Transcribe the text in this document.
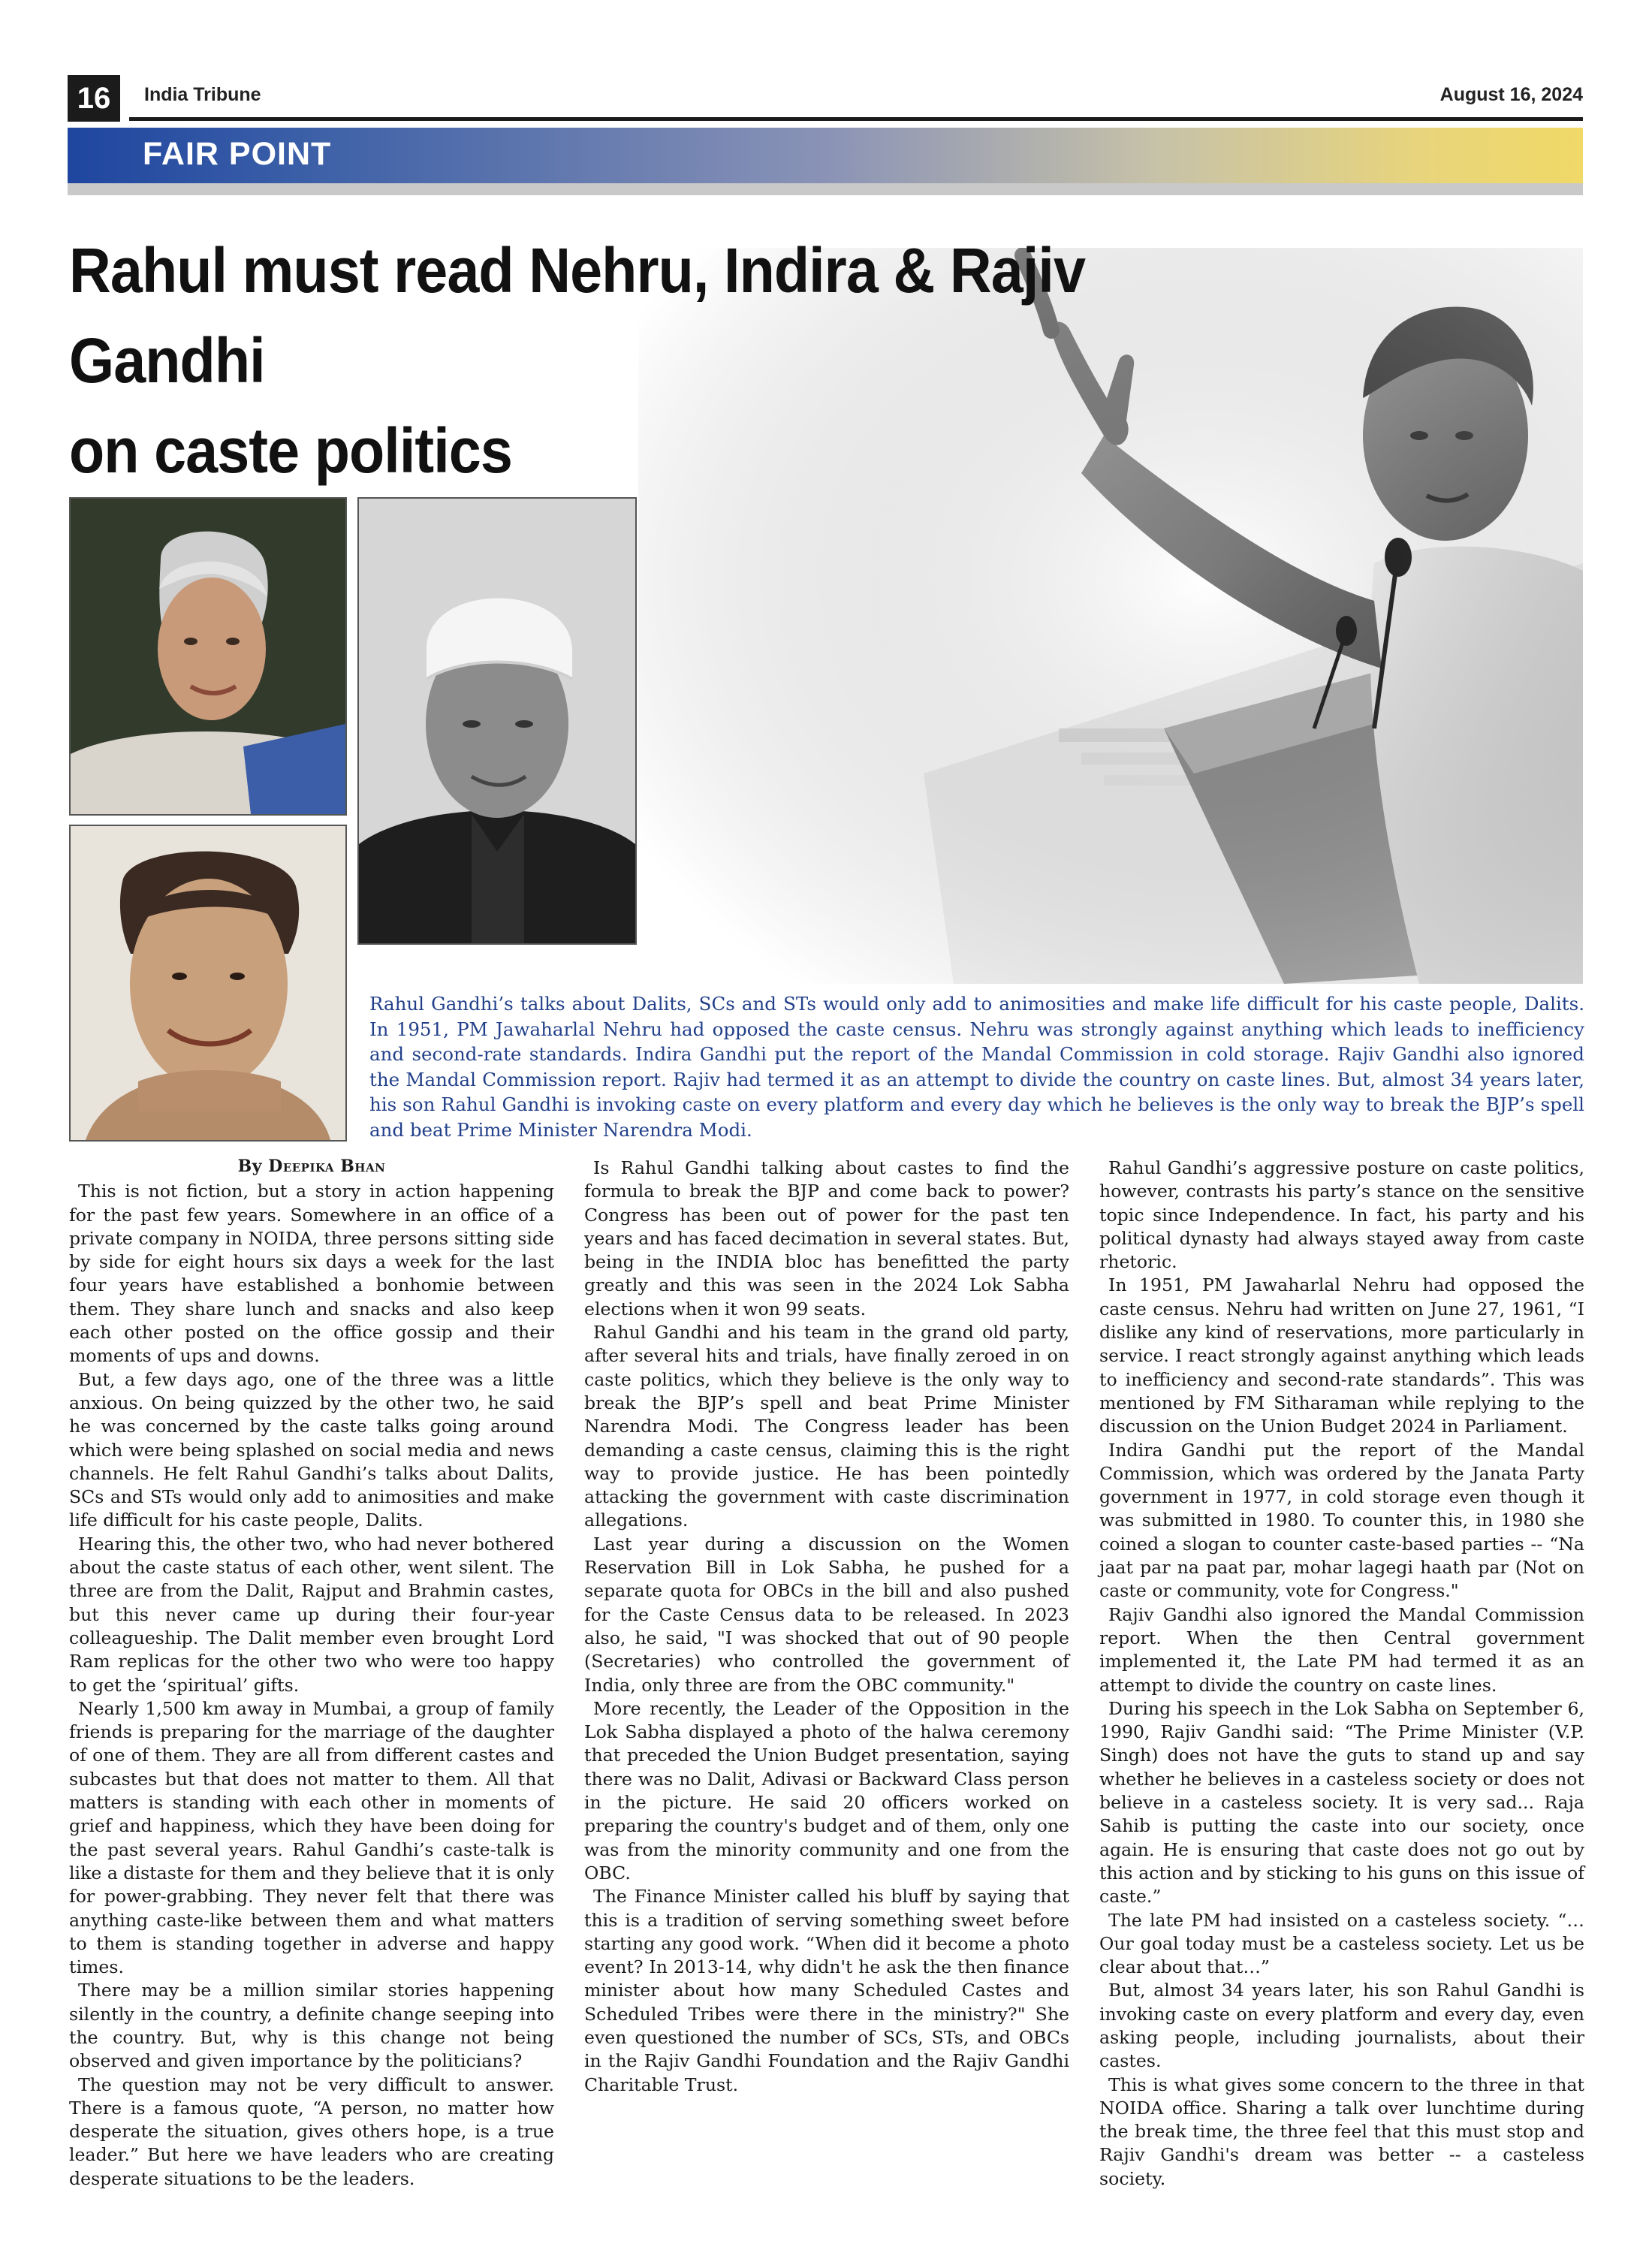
16	India Tribune	August 16, 2024
FAIR POINT
Rahul must read Nehru, Indira & Rajiv Gandhi
on caste politics
Rahul Gandhi’s talks about Dalits, SCs and STs would only add to animosities and make life difficult for his caste people, Dalits. In 1951, PM Jawaharlal Nehru had opposed the caste census. Nehru was strongly against anything which leads to inefficiency and second-rate standards. Indira Gandhi put the report of the Mandal Commission in cold storage. Rajiv Gandhi also ignored the Mandal Commission report. Rajiv had termed it as an attempt to divide the country on caste lines. But, almost 34 years later, his son Rahul Gandhi is invoking caste on every platform and every day which he believes is the only way to break the BJP’s spell and beat Prime Minister Narendra Modi.
By Deepika Bhan

This is not fiction, but a story in action happening for the past few years. Somewhere in an office of a private company in NOIDA, three persons sitting side by side for eight hours six days a week for the last four years have established a bonhomie between them. They share lunch and snacks and also keep each other posted on the office gossip and their moments of ups and downs.

But, a few days ago, one of the three was a little anxious. On being quizzed by the other two, he said he was concerned by the caste talks going around which were being splashed on social media and news channels. He felt Rahul Gandhi’s talks about Dalits, SCs and STs would only add to animosities and make life difficult for his caste people, Dalits.

Hearing this, the other two, who had never bothered about the caste status of each other, went silent. The three are from the Dalit, Rajput and Brahmin castes, but this never came up during their four-year colleagueship. The Dalit member even brought Lord Ram replicas for the other two who were too happy to get the ‘spiritual’ gifts.

Nearly 1,500 km away in Mumbai, a group of family friends is preparing for the marriage of the daughter of one of them. They are all from different castes and subcastes but that does not matter to them. All that matters is standing with each other in moments of grief and happiness, which they have been doing for the past several years. Rahul Gandhi’s caste-talk is like a distaste for them and they believe that it is only for power-grabbing. They never felt that there was anything caste-like between them and what matters to them is standing together in adverse and happy times.

There may be a million similar stories happening silently in the country, a definite change seeping into the country. But, why is this change not being observed and given importance by the politicians?

The question may not be very difficult to answer. There is a famous quote, “A person, no matter how desperate the situation, gives others hope, is a true leader.” But here we have leaders who are creating desperate situations to be the leaders.

Is Rahul Gandhi talking about castes to find the formula to break the BJP and come back to power? Congress has been out of power for the past ten years and has faced decimation in several states. But, being in the INDIA bloc has benefitted the party greatly and this was seen in the 2024 Lok Sabha elections when it won 99 seats.

Rahul Gandhi and his team in the grand old party, after several hits and trials, have finally zeroed in on caste politics, which they believe is the only way to break the BJP’s spell and beat Prime Minister Narendra Modi. The Congress leader has been demanding a caste census, claiming this is the right way to provide justice. He has been pointedly attacking the government with caste discrimination allegations.

Last year during a discussion on the Women Reservation Bill in Lok Sabha, he pushed for a separate quota for OBCs in the bill and also pushed for the Caste Census data to be released. In 2023 also, he said, "I was shocked that out of 90 people (Secretaries) who controlled the government of India, only three are from the OBC community."

More recently, the Leader of the Opposition in the Lok Sabha displayed a photo of the halwa ceremony that preceded the Union Budget presentation, saying there was no Dalit, Adivasi or Backward Class person in the picture. He said 20 officers worked on preparing the country's budget and of them, only one was from the minority community and one from the OBC.

The Finance Minister called his bluff by saying that this is a tradition of serving something sweet before starting any good work. “When did it become a photo event? In 2013-14, why didn't he ask the then finance minister about how many Scheduled Castes and Scheduled Tribes were there in the ministry?" She even questioned the number of SCs, STs, and OBCs in the Rajiv Gandhi Foundation and the Rajiv Gandhi Charitable Trust.

Rahul Gandhi’s aggressive posture on caste politics, however, contrasts his party’s stance on the sensitive topic since Independence. In fact, his party and his political dynasty had always stayed away from caste rhetoric.

In 1951, PM Jawaharlal Nehru had opposed the caste census. Nehru had written on June 27, 1961, “I dislike any kind of reservations, more particularly in service. I react strongly against anything which leads to inefficiency and second-rate standards”. This was mentioned by FM Sitharaman while replying to the discussion on the Union Budget 2024 in Parliament.

Indira Gandhi put the report of the Mandal Commission, which was ordered by the Janata Party government in 1977, in cold storage even though it was submitted in 1980. To counter this, in 1980 she coined a slogan to counter caste-based parties -- “Na jaat par na paat par, mohar lagegi haath par (Not on caste or community, vote for Congress."

Rajiv Gandhi also ignored the Mandal Commission report. When the then Central government implemented it, the Late PM had termed it as an attempt to divide the country on caste lines.

During his speech in the Lok Sabha on September 6, 1990, Rajiv Gandhi said: “The Prime Minister (V.P. Singh) does not have the guts to stand up and say whether he believes in a casteless society or does not believe in a casteless society. It is very sad... Raja Sahib is putting the caste into our society, once again. He is ensuring that caste does not go out by this action and by sticking to his guns on this issue of caste.”

The late PM had insisted on a casteless society. “…Our goal today must be a casteless society. Let us be clear about that…”

But, almost 34 years later, his son Rahul Gandhi is invoking caste on every platform and every day, even asking people, including journalists, about their castes.

This is what gives some concern to the three in that NOIDA office. Sharing a talk over lunchtime during the break time, the three feel that this must stop and Rajiv Gandhi's dream was better -- a casteless society.
